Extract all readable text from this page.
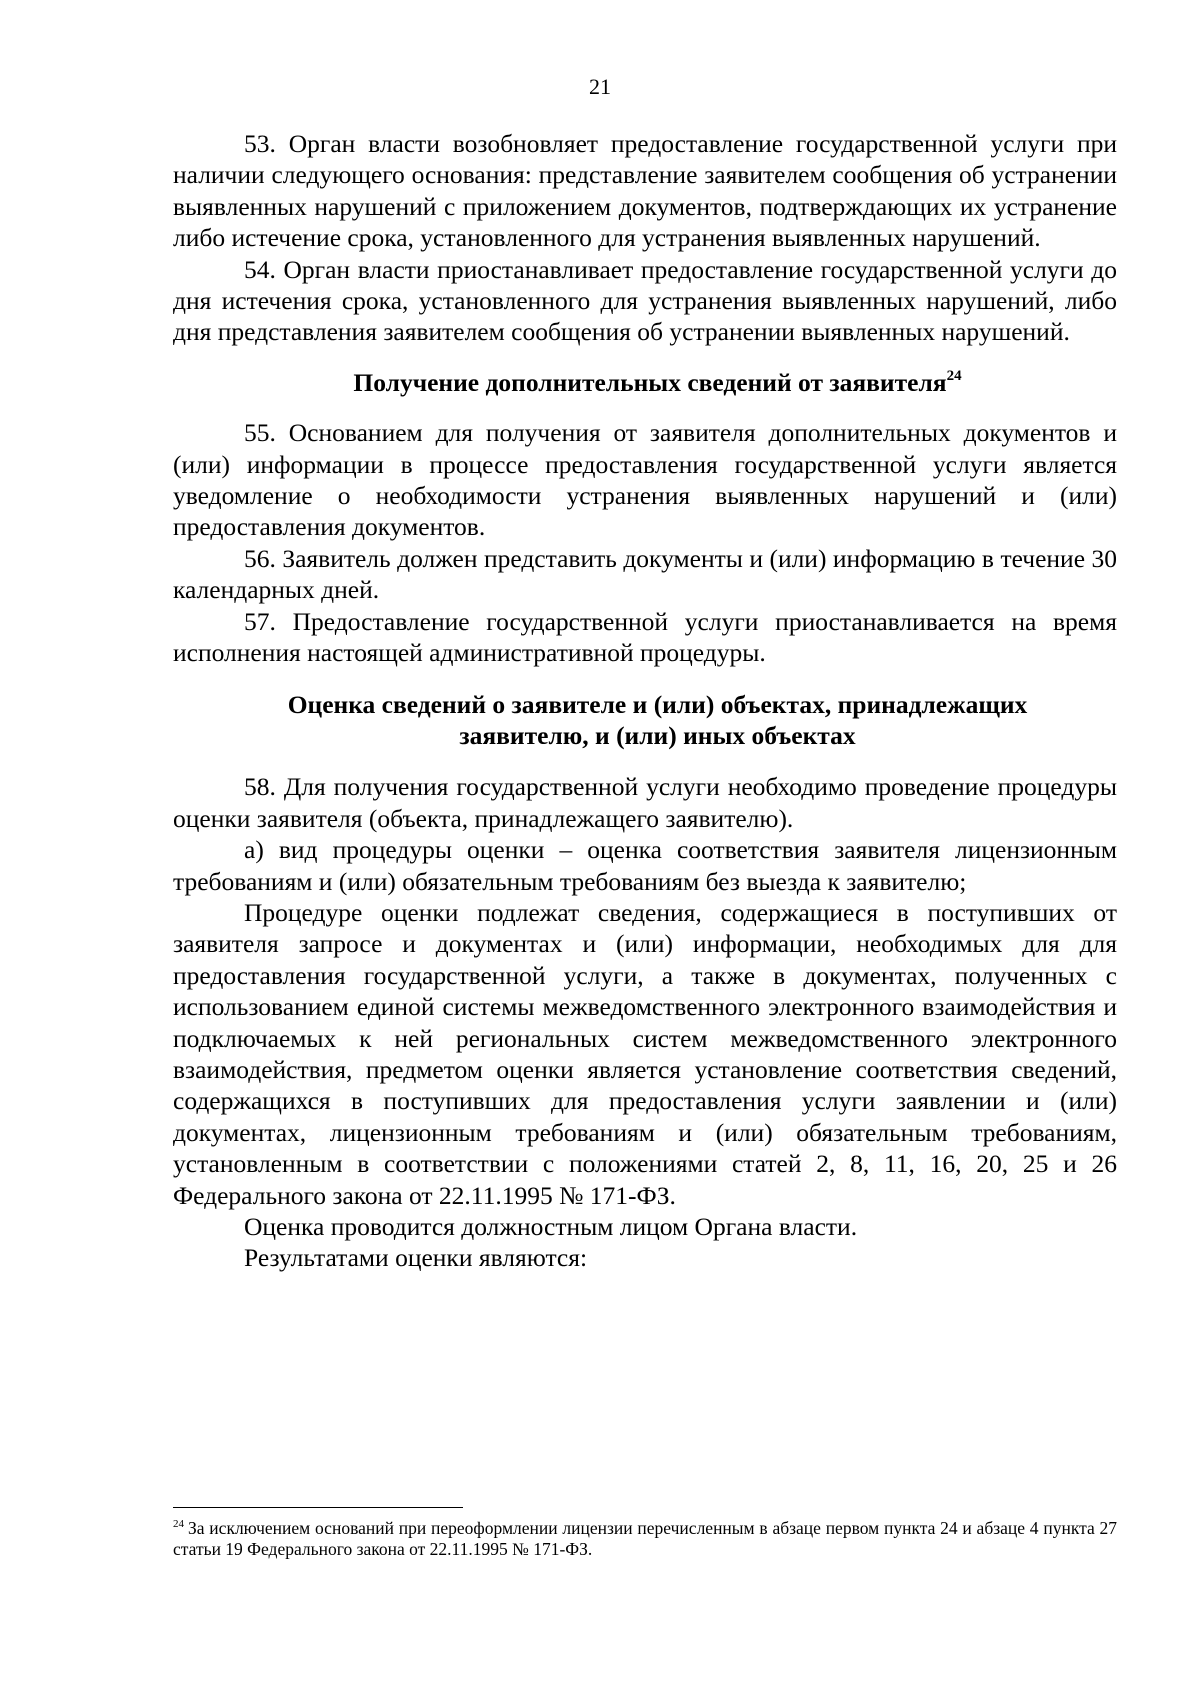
21

53. Орган власти возобновляет предоставление государственной услуги при наличии следующего основания: представление заявителем сообщения об устранении выявленных нарушений с приложением документов, подтверждающих их устранение либо истечение срока, установленного для устранения выявленных нарушений.

54. Орган власти приостанавливает предоставление государственной услуги до дня истечения срока, установленного для устранения выявленных нарушений, либо дня представления заявителем сообщения об устранении выявленных нарушений.

Получение дополнительных сведений от заявителя$^{24}$

55. Основанием для получения от заявителя дополнительных документов и (или) информации в процессе предоставления государственной услуги является уведомление о необходимости устранения выявленных нарушений и (или) предоставления документов.

56. Заявитель должен представить документы и (или) информацию в течение 30 календарных дней.

57. Предоставление государственной услуги приостанавливается на время исполнения настоящей административной процедуры.

Оценка сведений о заявителе и (или) объектах, принадлежащих
заявителю, и (или) иных объектах

58. Для получения государственной услуги необходимо проведение процедуры оценки заявителя (объекта, принадлежащего заявителю).

а) вид процедуры оценки – оценка соответствия заявителя лицензионным требованиям и (или) обязательным требованиям без выезда к заявителю;

Процедуре оценки подлежат сведения, содержащиеся в поступивших от заявителя запросе и документах и (или) информации, необходимых для для предоставления государственной услуги, а также в документах, полученных с использованием единой системы межведомственного электронного взаимодействия и подключаемых к ней региональных систем межведомственного электронного взаимодействия, предметом оценки является установление соответствия сведений, содержащихся в поступивших для предоставления услуги заявлении и (или) документах, лицензионным требованиям и (или) обязательным требованиям, установленным в соответствии с положениями статей 2, 8, 11, 16, 20, 25 и 26 Федерального закона от 22.11.1995 № 171-ФЗ.

Оценка проводится должностным лицом Органа власти.

Результатами оценки являются:

$^{24}$ За исключением оснований при переоформлении лицензии перечисленным в абзаце первом пункта 24 и абзаце 4 пункта 27 статьи 19 Федерального закона от 22.11.1995 № 171-ФЗ.
